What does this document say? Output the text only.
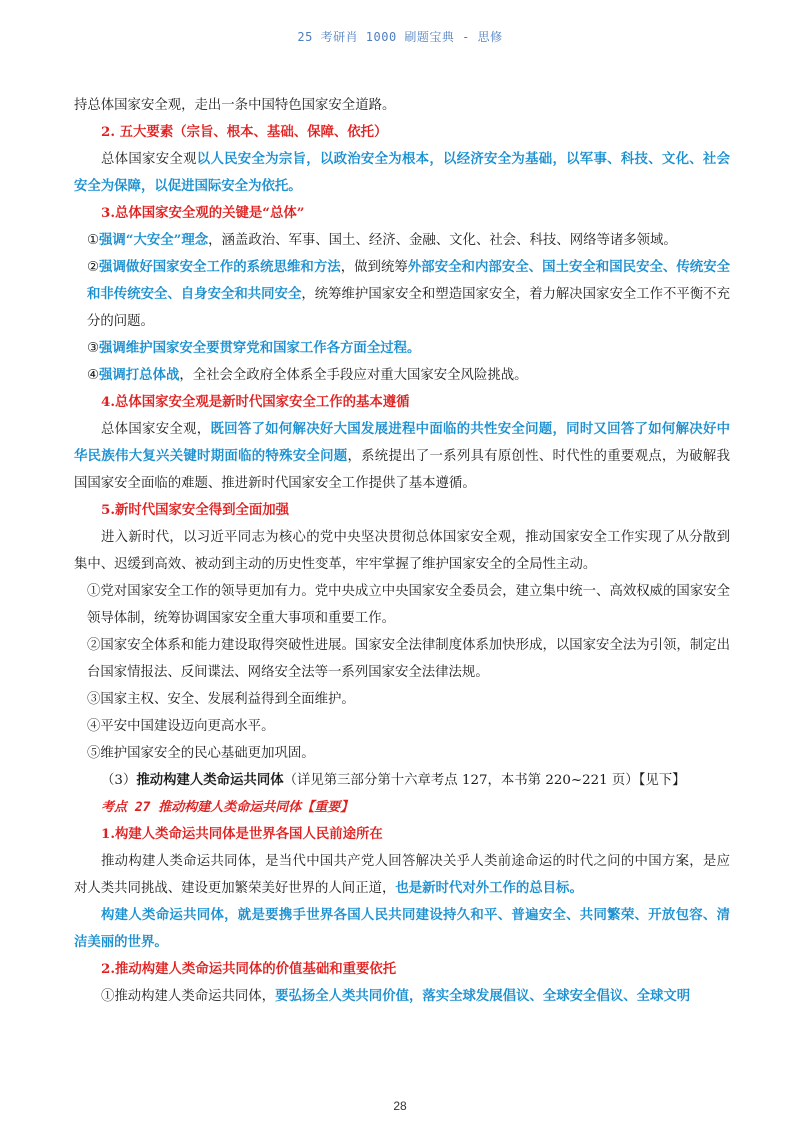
25 考研肖 1000 刷题宝典 - 思修

持总体国家安全观，走出一条中国特色国家安全道路。

2. 五大要素（宗旨、根本、基础、保障、依托）

总体国家安全观以人民安全为宗旨，以政治安全为根本，以经济安全为基础，以军事、科技、文化、社会安全为保障，以促进国际安全为依托。

3.总体国家安全观的关键是“总体”

①强调“大安全”理念，涵盖政治、军事、国土、经济、金融、文化、社会、科技、网络等诸多领域。

②强调做好国家安全工作的系统思维和方法，做到统筹外部安全和内部安全、国土安全和国民安全、传统安全和非传统安全、自身安全和共同安全，统筹维护国家安全和塑造国家安全，着力解决国家安全工作不平衡不充分的问题。

③强调维护国家安全要贯穿党和国家工作各方面全过程。

④强调打总体战，全社会全政府全体系全手段应对重大国家安全风险挑战。

4.总体国家安全观是新时代国家安全工作的基本遵循

总体国家安全观，既回答了如何解决好大国发展进程中面临的共性安全问题，同时又回答了如何解决好中华民族伟大复兴关键时期面临的特殊安全问题，系统提出了一系列具有原创性、时代性的重要观点，为破解我国国家安全面临的难题、推进新时代国家安全工作提供了基本遵循。

5.新时代国家安全得到全面加强

进入新时代，以习近平同志为核心的党中央坚决贯彻总体国家安全观，推动国家安全工作实现了从分散到集中、迟缓到高效、被动到主动的历史性变革，牢牢掌握了维护国家安全的全局性主动。

①党对国家安全工作的领导更加有力。党中央成立中央国家安全委员会，建立集中统一、高效权威的国家安全领导体制，统筹协调国家安全重大事项和重要工作。

②国家安全体系和能力建设取得突破性进展。国家安全法律制度体系加快形成，以国家安全法为引领，制定出台国家情报法、反间谍法、网络安全法等一系列国家安全法律法规。

③国家主权、安全、发展利益得到全面维护。

④平安中国建设迈向更高水平。

⑤维护国家安全的民心基础更加巩固。

（3）推动构建人类命运共同体（详见第三部分第十六章考点 127，本书第 220~221 页）【见下】

考点 27 推动构建人类命运共同体【重要】

1.构建人类命运共同体是世界各国人民前途所在

推动构建人类命运共同体，是当代中国共产党人回答解决关乎人类前途命运的时代之问的中国方案，是应对人类共同挑战、建设更加繁荣美好世界的人间正道，也是新时代对外工作的总目标。

构建人类命运共同体，就是要携手世界各国人民共同建设持久和平、普遍安全、共同繁荣、开放包容、清洁美丽的世界。

2.推动构建人类命运共同体的价值基础和重要依托

①推动构建人类命运共同体，要弘扬全人类共同价值，落实全球发展倡议、全球安全倡议、全球文明

28
